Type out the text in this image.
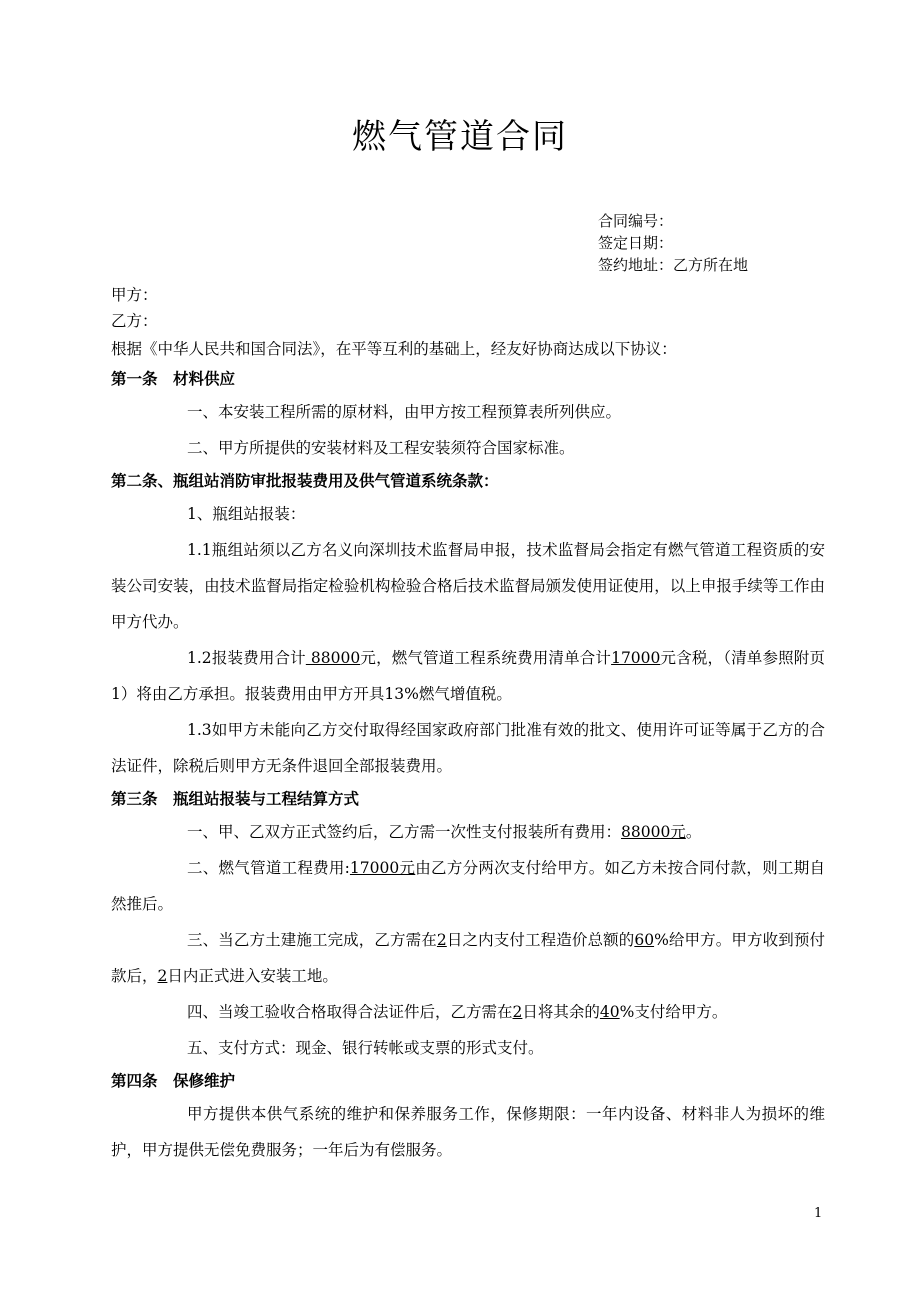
燃气管道合同
合同编号：
签定日期：
签约地址：乙方所在地
甲方：
乙方：
根据《中华人民共和国合同法》，在平等互利的基础上，经友好协商达成以下协议：
第一条　材料供应
一、本安装工程所需的原材料，由甲方按工程预算表所列供应。
二、甲方所提供的安装材料及工程安装须符合国家标准。
第二条、瓶组站消防审批报装费用及供气管道系统条款：
1、瓶组站报装：
1.1瓶组站须以乙方名义向深圳技术监督局申报，技术监督局会指定有燃气管道工程资质的安装公司安装，由技术监督局指定检验机构检验合格后技术监督局颁发使用证使用，以上申报手续等工作由甲方代办。
1.2报装费用合计 88000元，燃气管道工程系统费用清单合计17000元含税，（清单参照附页1）将由乙方承担。报装费用由甲方开具13%燃气增值税。
1.3如甲方未能向乙方交付取得经国家政府部门批准有效的批文、使用许可证等属于乙方的合法证件，除税后则甲方无条件退回全部报装费用。
第三条　瓶组站报装与工程结算方式
一、甲、乙双方正式签约后，乙方需一次性支付报装所有费用：88000元。
二、燃气管道工程费用:17000元由乙方分两次支付给甲方。如乙方未按合同付款，则工期自然推后。
三、当乙方土建施工完成，乙方需在2日之内支付工程造价总额的60%给甲方。甲方收到预付款后，2日内正式进入安装工地。
四、当竣工验收合格取得合法证件后，乙方需在2日将其余的40%支付给甲方。
五、支付方式：现金、银行转帐或支票的形式支付。
第四条　保修维护
甲方提供本供气系统的维护和保养服务工作，保修期限：一年内设备、材料非人为损坏的维护，甲方提供无偿免费服务；一年后为有偿服务。
1
